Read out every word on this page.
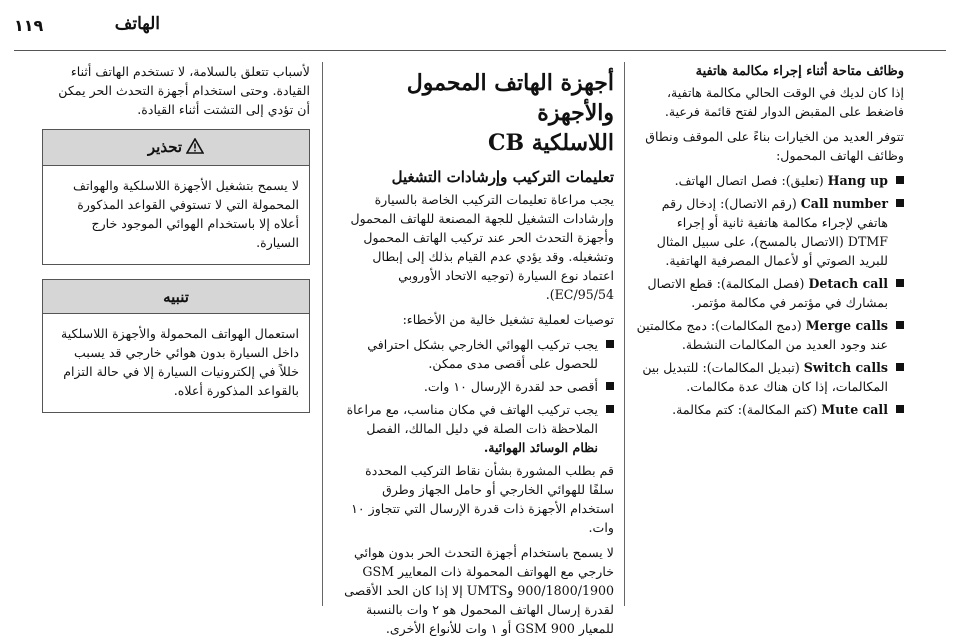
الهاتف
١١٩

وظائف متاحة أثناء إجراء مكالمة هاتفية

إذا كان لديك في الوقت الحالي مكالمة هاتفية، فاضغط على المقبض الدوار لفتح قائمة فرعية.

تتوفر العديد من الخيارات بناءً على الموقف ونطاق وظائف الهاتف المحمول:

Hang up (تعليق): فصل اتصال الهاتف.
Call number (رقم الاتصال): إدخال رقم هاتفي لإجراء مكالمة هاتفية ثانية أو إجراء DTMF (الاتصال بالمسح)، على سبيل المثال للبريد الصوتي أو لأعمال المصرفية الهاتفية.
Detach call (فصل المكالمة): قطع الاتصال بمشارك في مؤتمر في مكالمة مؤتمر.
Merge calls (دمج المكالمات): دمج مكالمتين عند وجود العديد من المكالمات النشطة.
Switch calls (تبديل المكالمات): للتبديل بين المكالمات، إذا كان هناك عدة مكالمات.
Mute call (كتم المكالمة): كتم مكالمة.
أجهزة الهاتف المحمول والأجهزة
اللاسلكية CB
تعليمات التركيب وإرشادات التشغيل

يجب مراعاة تعليمات التركيب الخاصة بالسيارة وإرشادات التشغيل للجهة المصنعة للهاتف المحمول وأجهزة التحدث الحر عند تركيب الهاتف المحمول وتشغيله. وقد يؤدي عدم القيام بذلك إلى إبطال اعتماد نوع السيارة (توجيه الاتحاد الأوروبي 95/54/EC).

توصيات لعملية تشغيل خالية من الأخطاء:

يجب تركيب الهوائي الخارجي بشكل احترافي للحصول على أقصى مدى ممكن.
أقصى حد لقدرة الإرسال ١٠ وات.
يجب تركيب الهاتف في مكان مناسب، مع مراعاة الملاحظة ذات الصلة في دليل المالك، الفصل نظام الوسائد الهوائية.

قم بطلب المشورة بشأن نقاط التركيب المحددة سلفًا للهوائي الخارجي أو حامل الجهاز وطرق استخدام الأجهزة ذات قدرة الإرسال التي تتجاوز ١٠ وات.

لا يسمح باستخدام أجهزة التحدث الحر بدون هوائي خارجي مع الهواتف المحمولة ذات المعايير GSM 900/1800/1900 وUMTS إلا إذا كان الحد الأقصى لقدرة إرسال الهاتف المحمول هو ٢ وات بالنسبة للمعيار GSM 900 أو ١ وات للأنواع الأخرى.

لأسباب تتعلق بالسلامة، لا تستخدم الهاتف أثناء القيادة. وحتى استخدام أجهزة التحدث الحر يمكن أن تؤدي إلى التشتت أثناء القيادة.

تحذير
لا يسمح بتشغيل الأجهزة اللاسلكية والهواتف المحمولة التي لا تستوفي القواعد المذكورة أعلاه إلا باستخدام الهوائي الموجود خارج السيارة.
تنبيه
استعمال الهواتف المحمولة والأجهزة اللاسلكية داخل السيارة بدون هوائي خارجي قد يسبب خللاً في إلكترونيات السيارة إلا في حالة التزام بالقواعد المذكورة أعلاه.
